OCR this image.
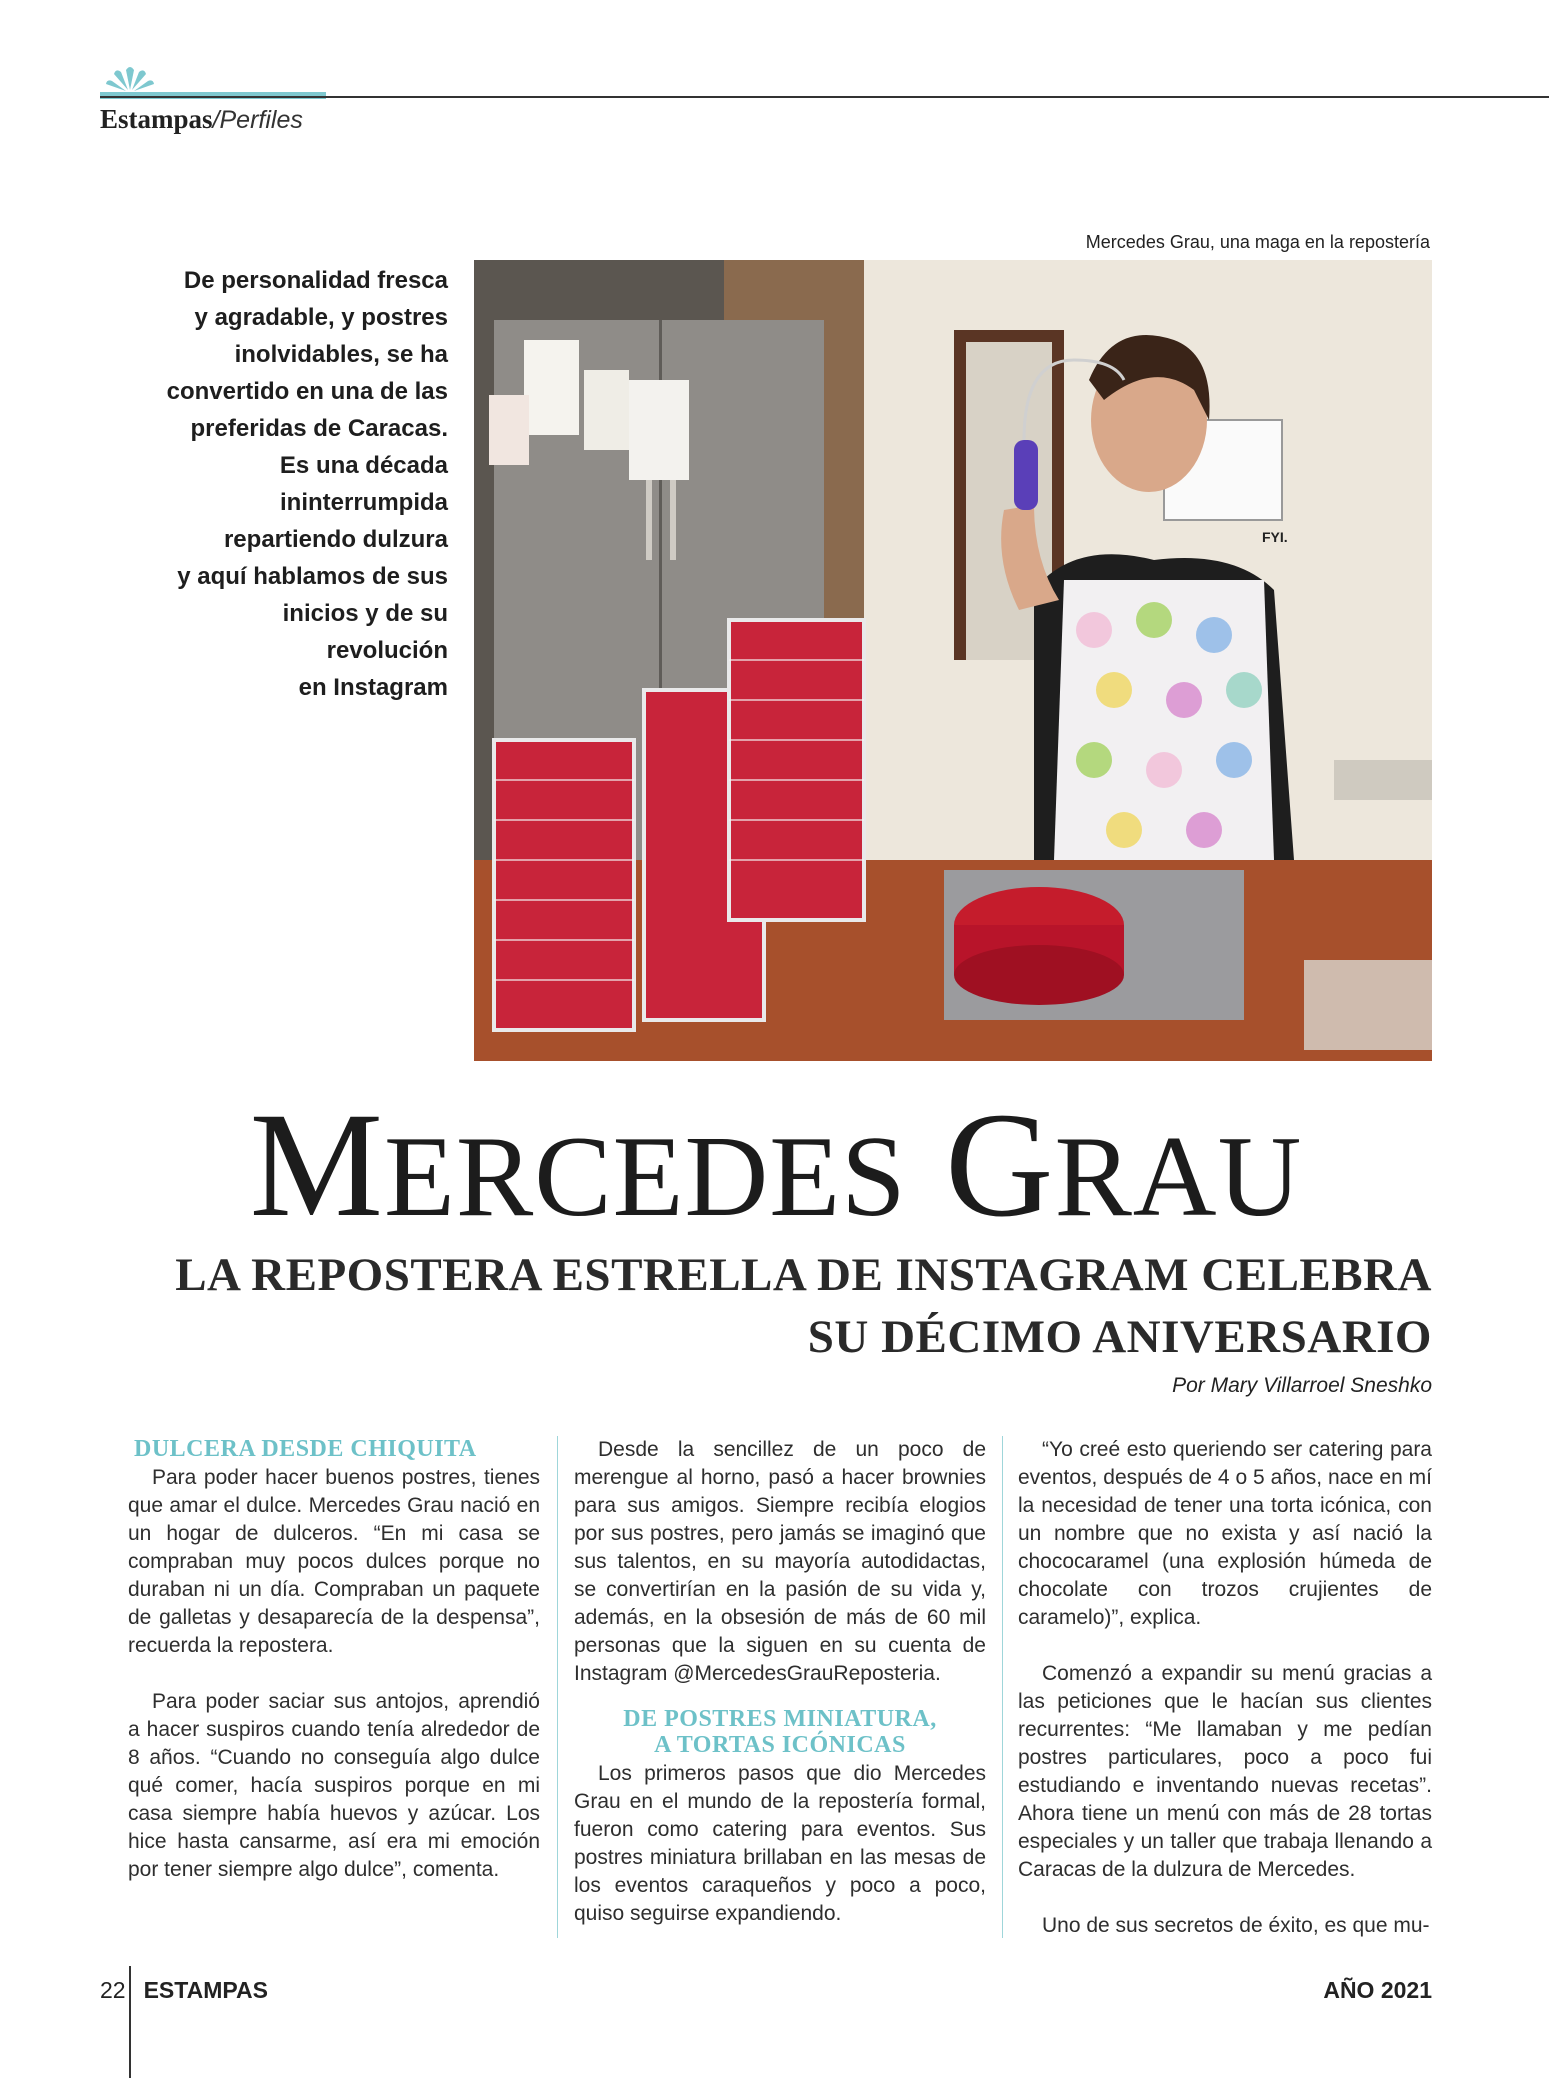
Estampas/Perfiles
Mercedes Grau, una maga en la repostería
De personalidad fresca
y agradable, y postres
inolvidables, se ha
convertido en una de las
preferidas de Caracas.
Es una década
ininterrumpida
repartiendo dulzura
y aquí hablamos de sus
inicios y de su
revolución
en Instagram
FYI.
MERCEDES GRAU
LA REPOSTERA ESTRELLA DE INSTAGRAM CELEBRA
SU DÉCIMO ANIVERSARIO
Por Mary Villarroel Sneshko
DULCERA DESDE CHIQUITA

Para poder hacer buenos postres, tienes que amar el dulce. Mercedes Grau nació en un hogar de dulceros. “En mi casa se compraban muy pocos dulces porque no duraban ni un día. Compraban un paquete de galletas y desaparecía de la despensa”, recuerda la repostera.

Para poder saciar sus antojos, aprendió a hacer suspiros cuando tenía alrededor de 8 años. “Cuando no conseguía algo dulce qué comer, hacía suspiros porque en mi casa siempre había huevos y azúcar. Los hice hasta cansarme, así era mi emoción por tener siempre algo dulce”, comenta.

Desde la sencillez de un poco de merengue al horno, pasó a hacer brownies para sus amigos. Siempre recibía elogios por sus postres, pero jamás se imaginó que sus talentos, en su mayoría autodidactas, se convertirían en la pasión de su vida y, además, en la obsesión de más de 60 mil personas que la siguen en su cuenta de Instagram @MercedesGrauReposteria.

DE POSTRES MINIATURA,
A TORTAS ICÓNICAS

Los primeros pasos que dio Mercedes Grau en el mundo de la repostería formal, fueron como catering para eventos. Sus postres miniatura brillaban en las mesas de los eventos caraqueños y poco a poco, quiso seguirse expandiendo.

“Yo creé esto queriendo ser catering para eventos, después de 4 o 5 años, nace en mí la necesidad de tener una torta icónica, con un nombre que no exista y así nació la chococaramel (una explosión húmeda de chocolate con trozos crujientes de caramelo)”, explica.

Comenzó a expandir su menú gracias a las peticiones que le hacían sus clientes recurrentes: “Me llamaban y me pedían postres particulares, poco a poco fui estudiando e inventando nuevas recetas”. Ahora tiene un menú con más de 28 tortas especiales y un taller que trabaja llenando a Caracas de la dulzura de Mercedes.

Uno de sus secretos de éxito, es que mu-

22 ESTAMPAS	AÑO 2021
